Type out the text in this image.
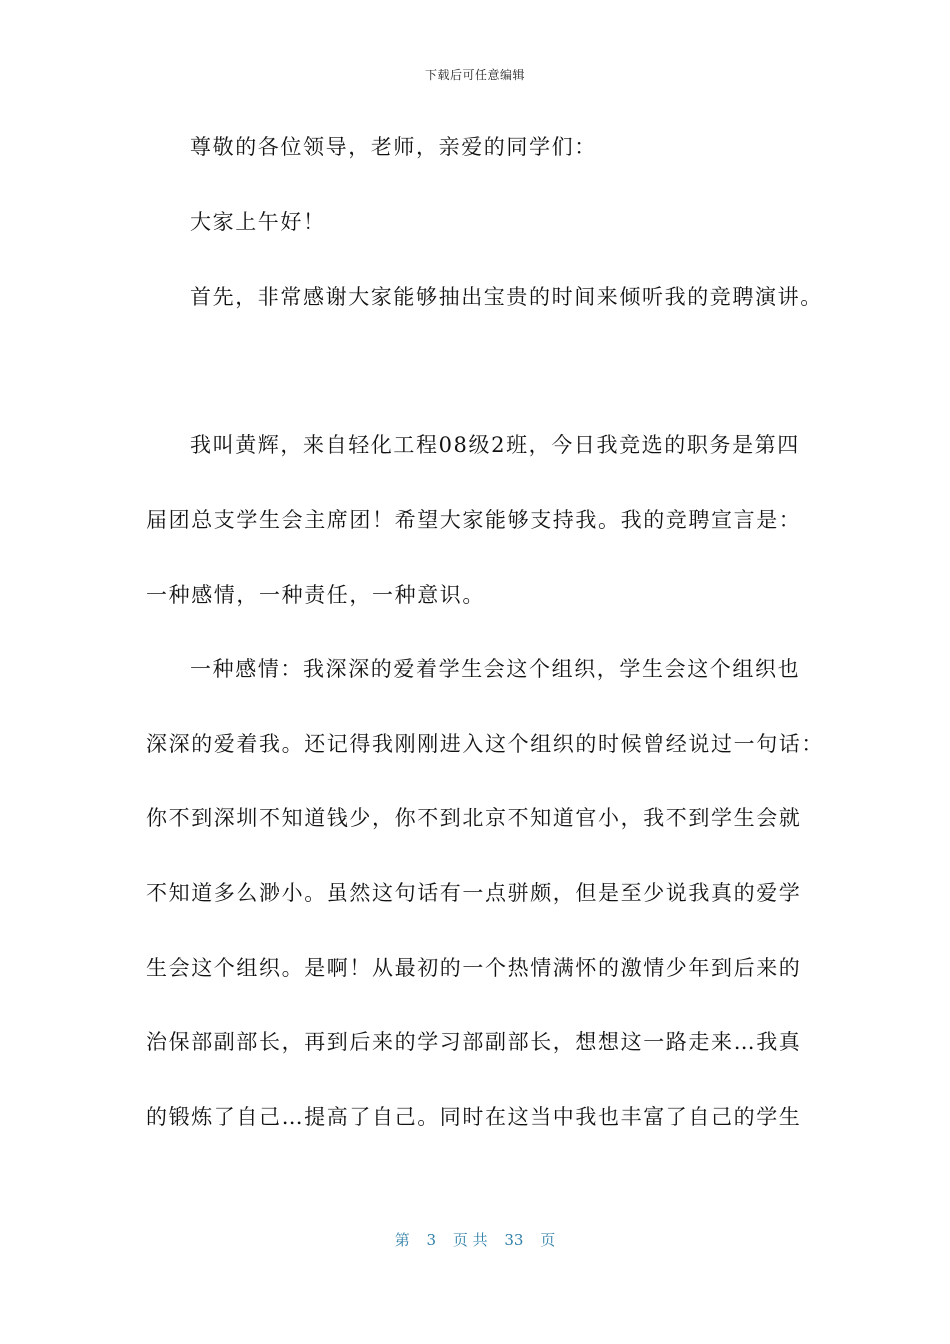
下载后可任意编辑
尊敬的各位领导，老师，亲爱的同学们：
大家上午好！
首先，非常感谢大家能够抽出宝贵的时间来倾听我的竞聘演讲。
我叫黄辉，来自轻化工程08级2班，今日我竞选的职务是第四
届团总支学生会主席团！希望大家能够支持我。我的竞聘宣言是：
一种感情，一种责任，一种意识。
一种感情：我深深的爱着学生会这个组织，学生会这个组织也
深深的爱着我。还记得我刚刚进入这个组织的时候曾经说过一句话：
你不到深圳不知道钱少，你不到北京不知道官小，我不到学生会就
不知道多么渺小。虽然这句话有一点骈颇，但是至少说我真的爱学
生会这个组织。是啊！从最初的一个热情满怀的激情少年到后来的
治保部副部长，再到后来的学习部副部长，想想这一路走来…我真
的锻炼了自己…提高了自己。同时在这当中我也丰富了自己的学生
第 3 页 共 33 页
